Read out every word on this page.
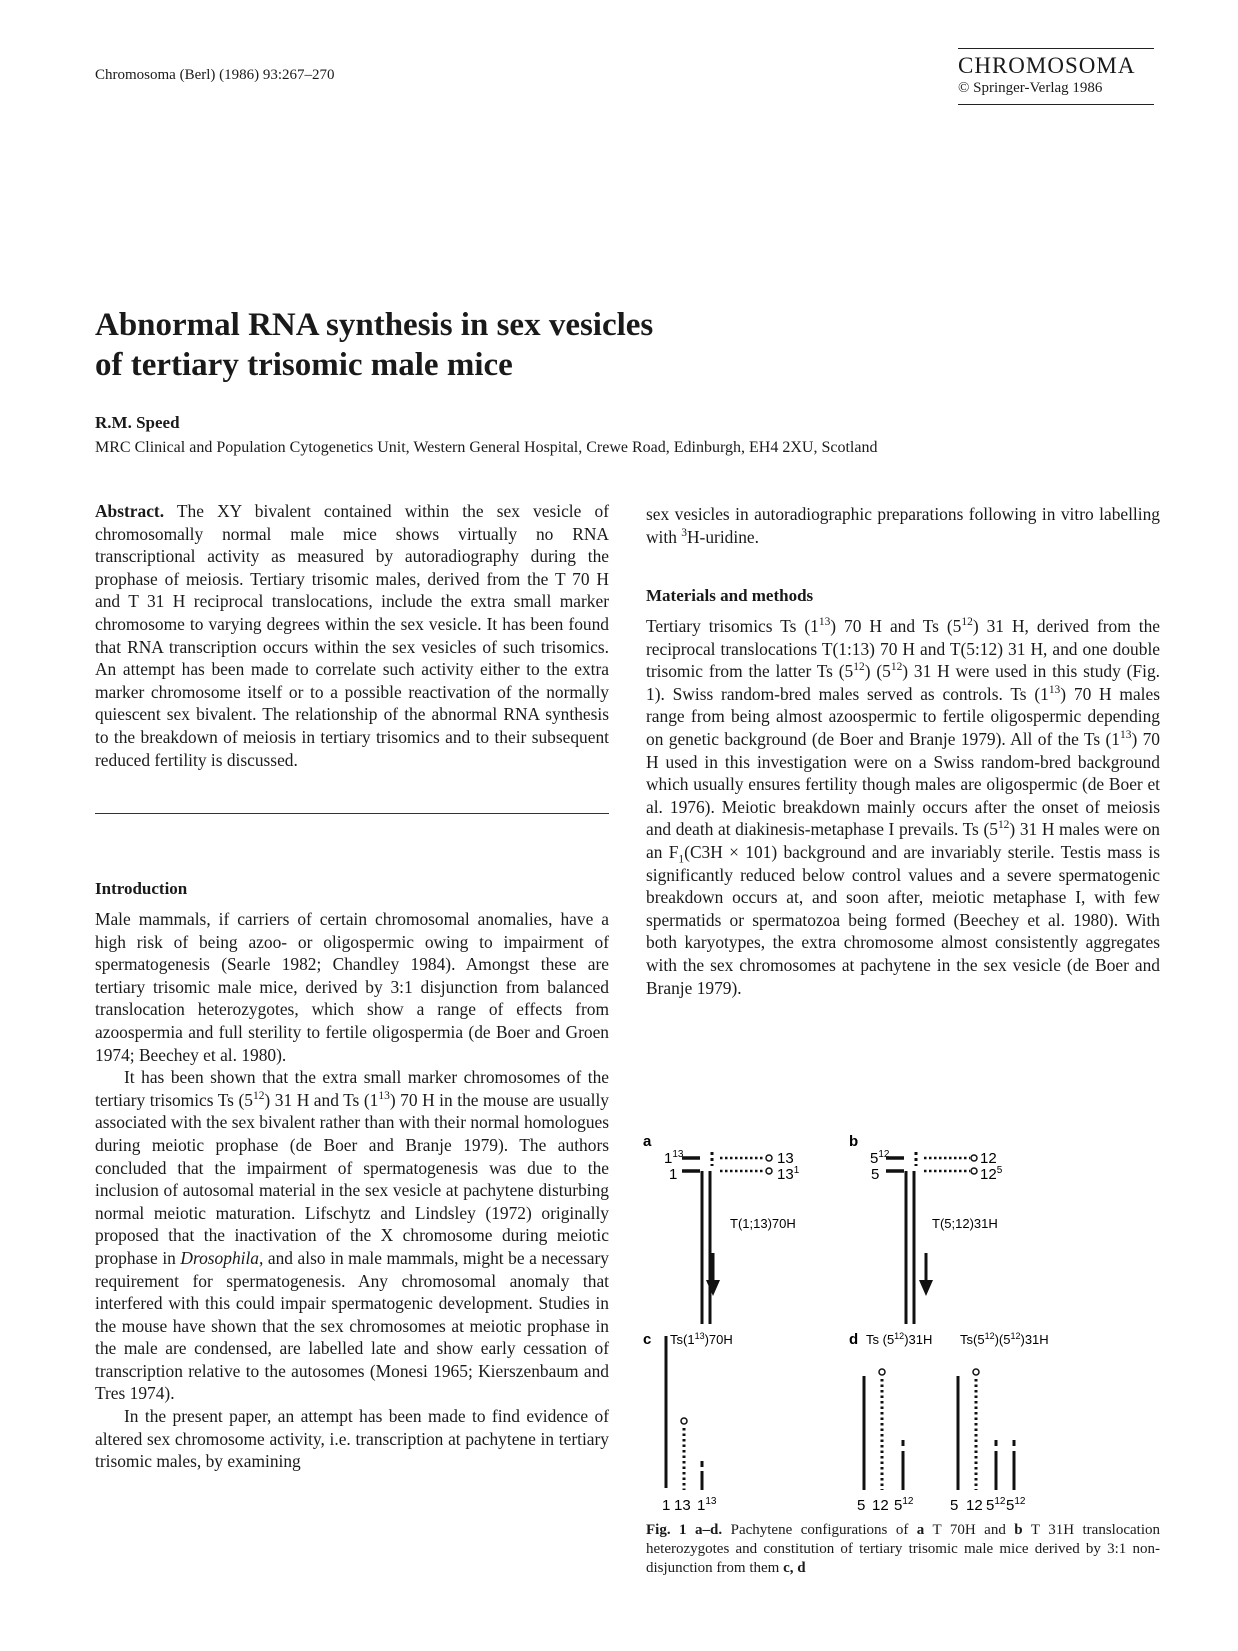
Chromosoma (Berl) (1986) 93:267–270	CHROMOSOMA
© Springer-Verlag 1986
Abnormal RNA synthesis in sex vesicles
of tertiary trisomic male mice
R.M. Speed
MRC Clinical and Population Cytogenetics Unit, Western General Hospital, Crewe Road, Edinburgh, EH4 2XU, Scotland

Abstract. The XY bivalent contained within the sex vesicle of chromosomally normal male mice shows virtually no RNA transcriptional activity as measured by autoradiography during the prophase of meiosis. Tertiary trisomic males, derived from the T 70 H and T 31 H reciprocal translocations, include the extra small marker chromosome to varying degrees within the sex vesicle. It has been found that RNA transcription occurs within the sex vesicles of such trisomics. An attempt has been made to correlate such activity either to the extra marker chromosome itself or to a possible reactivation of the normally quiescent sex bivalent. The relationship of the abnormal RNA synthesis to the breakdown of meiosis in tertiary trisomics and to their subsequent reduced fertility is discussed.

Introduction

Male mammals, if carriers of certain chromosomal anomalies, have a high risk of being azoo- or oligospermic owing to impairment of spermatogenesis (Searle 1982; Chandley 1984). Amongst these are tertiary trisomic male mice, derived by 3:1 disjunction from balanced translocation heterozygotes, which show a range of effects from azoospermia and full sterility to fertile oligospermia (de Boer and Groen 1974; Beechey et al. 1980).

It has been shown that the extra small marker chromosomes of the tertiary trisomics Ts $(5^{12})$ 31 H and Ts $(1^{13})$ 70 H in the mouse are usually associated with the sex bivalent rather than with their normal homologues during meiotic prophase (de Boer and Branje 1979). The authors concluded that the impairment of spermatogenesis was due to the inclusion of autosomal material in the sex vesicle at pachytene disturbing normal meiotic maturation. Lifschytz and Lindsley (1972) originally proposed that the inactivation of the X chromosome during meiotic prophase in Drosophila, and also in male mammals, might be a necessary requirement for spermatogenesis. Any chromosomal anomaly that interfered with this could impair spermatogenic development. Studies in the mouse have shown that the sex chromosomes at meiotic prophase in the male are condensed, are labelled late and show early cessation of transcription relative to the autosomes (Monesi 1965; Kierszenbaum and Tres 1974).

In the present paper, an attempt has been made to find evidence of altered sex chromosome activity, i.e. transcription at pachytene in tertiary trisomic males, by examining

sex vesicles in autoradiographic preparations following in vitro labelling with $^3$H-uridine.

Materials and methods

Tertiary trisomics Ts $(1^{13})$ 70 H and Ts $(5^{12})$ 31 H, derived from the reciprocal translocations T(1:13) 70 H and T(5:12) 31 H, and one double trisomic from the latter Ts $(5^{12})$ $(5^{12})$ 31 H were used in this study (Fig. 1). Swiss random-bred males served as controls. Ts $(1^{13})$ 70 H males range from being almost azoospermic to fertile oligospermic depending on genetic background (de Boer and Branje 1979). All of the Ts $(1^{13})$ 70 H used in this investigation were on a Swiss random-bred background which usually ensures fertility though males are oligospermic (de Boer et al. 1976). Meiotic breakdown mainly occurs after the onset of meiosis and death at diakinesis-metaphase I prevails. Ts $(5^{12})$ 31 H males were on an $F_1(C3H \times 101)$ background and are invariably sterile. Testis mass is significantly reduced below control values and a severe spermatogenic breakdown occurs at, and soon after, meiotic metaphase I, with few spermatids or spermatozoa being formed (Beechey et al. 1980). With both karyotypes, the extra chromosome almost consistently aggregates with the sex chromosomes at pachytene in the sex vesicle (de Boer and Branje 1979).

a	b
c	d
$1^{13}$
1
13
$13^1$
T(1;13)70H
$5^{12}$
5
12
$12^5$
T(5;12)31H
$Ts(1^{13})70H$
1 13 $1^{13}$
Ts $(5^{12})31H$
5 12 $5^{12}$
$Ts(5^{12})(5^{12})31H$
5 12 $5^{12}$ $5^{12}$

Fig. 1 a–d. Pachytene configurations of a T 70H and b T 31H translocation heterozygotes and constitution of tertiary trisomic male mice derived by 3:1 non-disjunction from them c, d
